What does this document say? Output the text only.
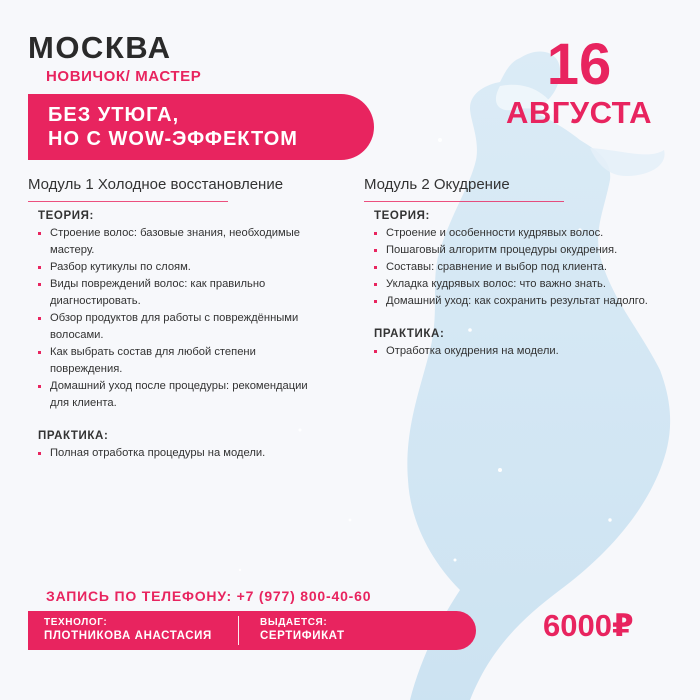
МОСКВА
НОВИЧОК/ МАСТЕР	16
АВГУСТА
БЕЗ УТЮГА,
НО С WOW-ЭФФЕКТОМ
Модуль 1 Холодное восстановление
ТЕОРИЯ:
Строение волос: базовые знания, необходимые мастеру.
Разбор кутикулы по слоям.
Виды повреждений волос: как правильно диагностировать.
Обзор продуктов для работы с повреждёнными волосами.
Как выбрать состав для любой степени повреждения.
Домашний уход после процедуры: рекомендации для клиента.
ПРАКТИКА:
Полная отработка процедуры на модели.
Модуль 2 Окудрение
ТЕОРИЯ:
Строение и особенности кудрявых волос.
Пошаговый алгоритм процедуры окудрения.
Составы: сравнение и выбор под клиента.
Укладка кудрявых волос: что важно знать.
Домашний уход: как сохранить результат надолго.
ПРАКТИКА:
Отработка окудрения на модели.
ЗАПИСЬ ПО ТЕЛЕФОНУ: +7 (977) 800-40-60
ТЕХНОЛОГ:
ПЛОТНИКОВА АНАСТАСИЯ
ВЫДАЕТСЯ:
СЕРТИФИКАТ	6000₽
